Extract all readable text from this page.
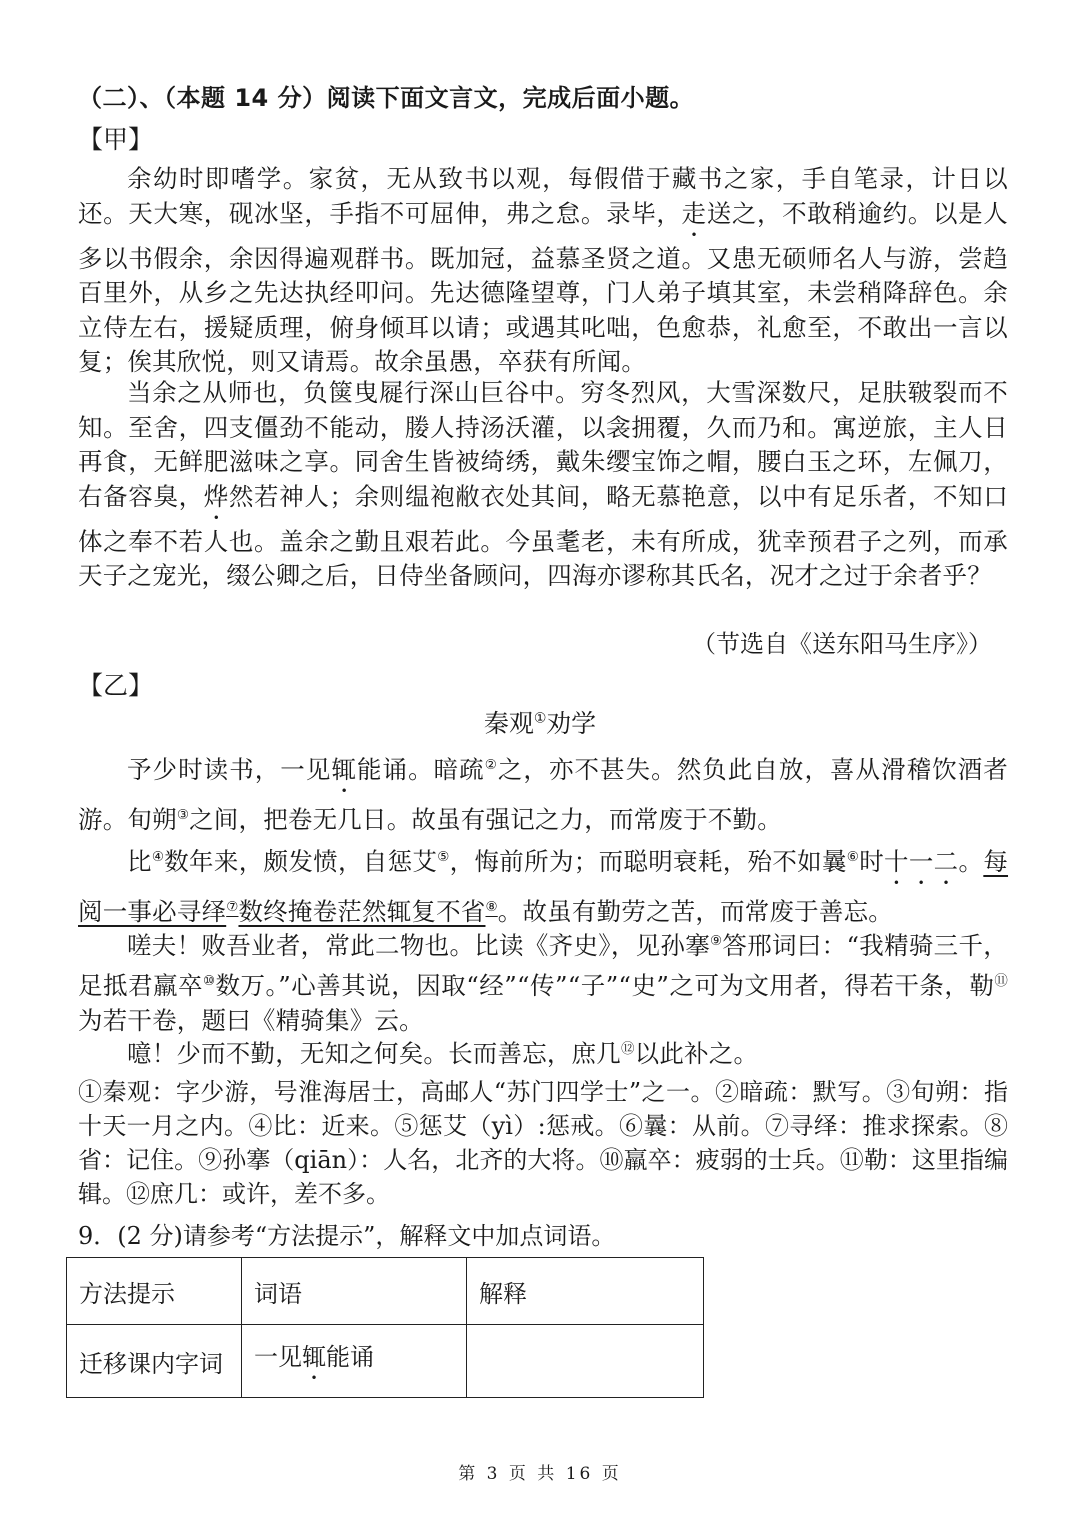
（二）、（本题 14 分）阅读下面文言文，完成后面小题。
【甲】

余幼时即嗜学。家贫，无从致书以观，每假借于藏书之家，手自笔录，计日以还。天大寒，砚冰坚，手指不可屈伸，弗之怠。录毕，走送之，不敢稍逾约。以是人多以书假余，余因得遍观群书。既加冠，益慕圣贤之道。又患无硕师名人与游，尝趋百里外，从乡之先达执经叩问。先达德隆望尊，门人弟子填其室，未尝稍降辞色。余立侍左右，援疑质理，俯身倾耳以请；或遇其叱咄，色愈恭，礼愈至，不敢出一言以复；俟其欣悦，则又请焉。故余虽愚，卒获有所闻。

当余之从师也，负箧曳屣行深山巨谷中。穷冬烈风，大雪深数尺，足肤皲裂而不知。至舍，四支僵劲不能动，媵人持汤沃灌，以衾拥覆，久而乃和。寓逆旅，主人日再食，无鲜肥滋味之享。同舍生皆被绮绣，戴朱缨宝饰之帽，腰白玉之环，左佩刀，右备容臭，烨然若神人；余则缊袍敝衣处其间，略无慕艳意，以中有足乐者，不知口体之奉不若人也。盖余之勤且艰若此。今虽耄老，未有所成，犹幸预君子之列，而承天子之宠光，缀公卿之后，日侍坐备顾问，四海亦谬称其氏名，况才之过于余者乎？

（节选自《送东阳马生序》）
【乙】
秦观①劝学

予少时读书，一见辄能诵。暗疏②之，亦不甚失。然负此自放，喜从滑稽饮酒者游。旬朔③之间，把卷无几日。故虽有强记之力，而常废于不勤。

比④数年来，颇发愤，自惩艾⑤，悔前所为；而聪明衰耗，殆不如曩⑥时十一二。每阅一事必寻绎⑦数终掩卷茫然辄复不省⑧。故虽有勤劳之苦，而常废于善忘。

嗟夫！败吾业者，常此二物也。比读《齐史》，见孙搴⑨答邢词曰：“我精骑三千，足抵君羸卒⑩数万。”心善其说，因取“经”“传”“子”“史”之可为文用者，得若干条，勒⑪为若干卷，题曰《精骑集》云。

噫！少而不勤，无知之何矣。长而善忘，庶几⑫以此补之。

①秦观：字少游，号淮海居士，高邮人“苏门四学士”之一。②暗疏：默写。③旬朔：指十天一月之内。④比：近来。⑤惩艾（yì）:惩戒。⑥曩：从前。⑦寻绎：推求探索。⑧省：记住。⑨孙搴（qiān）：人名，北齐的大将。⑩羸卒：疲弱的士兵。⑪勒：这里指编辑。⑫庶几：或许，差不多。

9．(2 分)请参考“方法提示”，解释文中加点词语。
方法提示	词语	解释
迁移课内字词	一见辄能诵	
第 3 页 共 16 页
